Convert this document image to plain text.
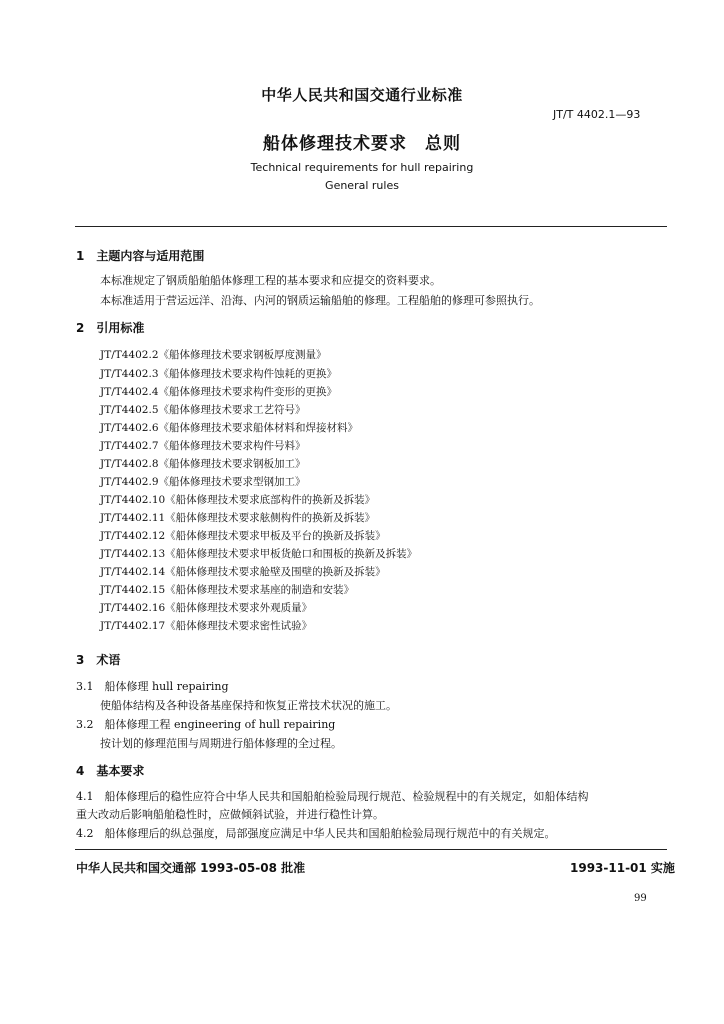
中华人民共和国交通行业标准
JT/T 4402.1—93
船体修理技术要求　总则
Technical requirements for hull repairing
General rules
1　主题内容与适用范围
本标准规定了钢质船舶船体修理工程的基本要求和应提交的资料要求。
本标准适用于营运远洋、沿海、内河的钢质运输船舶的修理。工程船舶的修理可参照执行。
2　引用标准
JT/T4402.2《船体修理技术要求钢板厚度测量》
JT/T4402.3《船体修理技术要求构件蚀耗的更换》
JT/T4402.4《船体修理技术要求构件变形的更换》
JT/T4402.5《船体修理技术要求工艺符号》
JT/T4402.6《船体修理技术要求船体材料和焊接材料》
JT/T4402.7《船体修理技术要求构件号料》
JT/T4402.8《船体修理技术要求钢板加工》
JT/T4402.9《船体修理技术要求型钢加工》
JT/T4402.10《船体修理技术要求底部构件的换新及拆装》
JT/T4402.11《船体修理技术要求舷侧构件的换新及拆装》
JT/T4402.12《船体修理技术要求甲板及平台的换新及拆装》
JT/T4402.13《船体修理技术要求甲板货舱口和围板的换新及拆装》
JT/T4402.14《船体修理技术要求舱壁及围壁的换新及拆装》
JT/T4402.15《船体修理技术要求基座的制造和安装》
JT/T4402.16《船体修理技术要求外观质量》
JT/T4402.17《船体修理技术要求密性试验》
3　术语
3.1　船体修理 hull repairing
使船体结构及各种设备基座保持和恢复正常技术状况的施工。
3.2　船体修理工程 engineering of hull repairing
按计划的修理范围与周期进行船体修理的全过程。
4　基本要求
4.1　船体修理后的稳性应符合中华人民共和国船舶检验局现行规范、检验规程中的有关规定，如船体结构
重大改动后影响船舶稳性时，应做倾斜试验，并进行稳性计算。
4.2　船体修理后的纵总强度，局部强度应满足中华人民共和国船舶检验局现行规范中的有关规定。
中华人民共和国交通部 1993-05-08 批准	1993-11-01 实施
99
